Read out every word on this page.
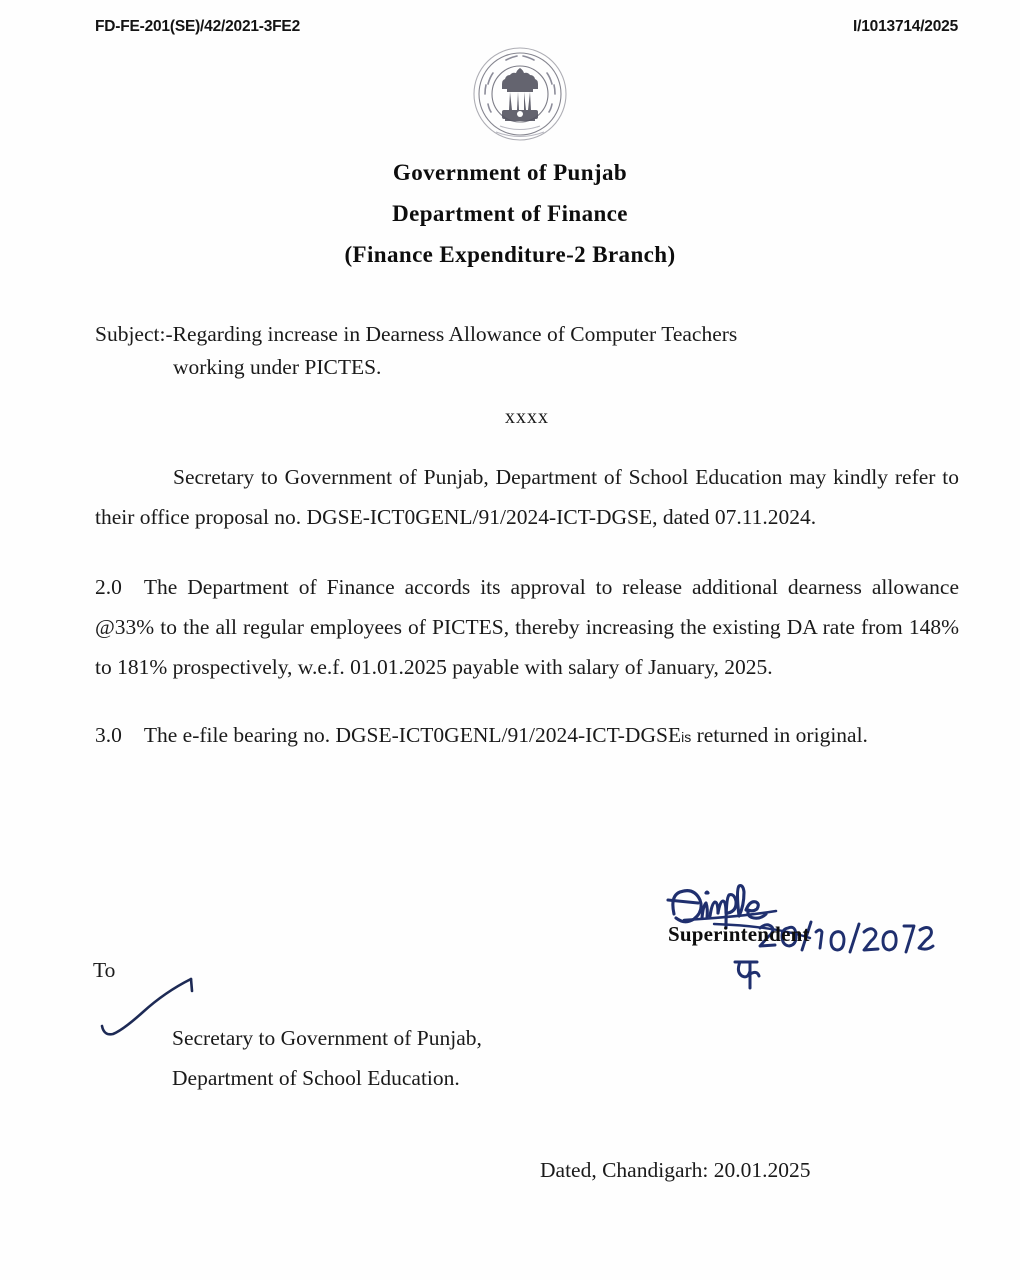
FD-FE-201(SE)/42/2021-3FE2	I/1013714/2025
Government of Punjab
Department of Finance
(Finance Expenditure-2 Branch)
Subject:-Regarding increase in Dearness Allowance of Computer Teachers
working under PICTES.
xxxx

Secretary to Government of Punjab, Department of School Education may kindly refer to their office proposal no. DGSE-ICT0GENL/91/2024-ICT-DGSE, dated 07.11.2024.

2.0 The Department of Finance accords its approval to release additional dearness allowance @33% to the all regular employees of PICTES, thereby increasing the existing DA rate from 148% to 181% prospectively, w.e.f. 01.01.2025 payable with salary of January, 2025.

3.0 The e-file bearing no. DGSE-ICT0GENL/91/2024-ICT-DGSEis returned in original.

Superintendent
To
Secretary to Government of Punjab,
Department of School Education.
Dated, Chandigarh: 20.01.2025
